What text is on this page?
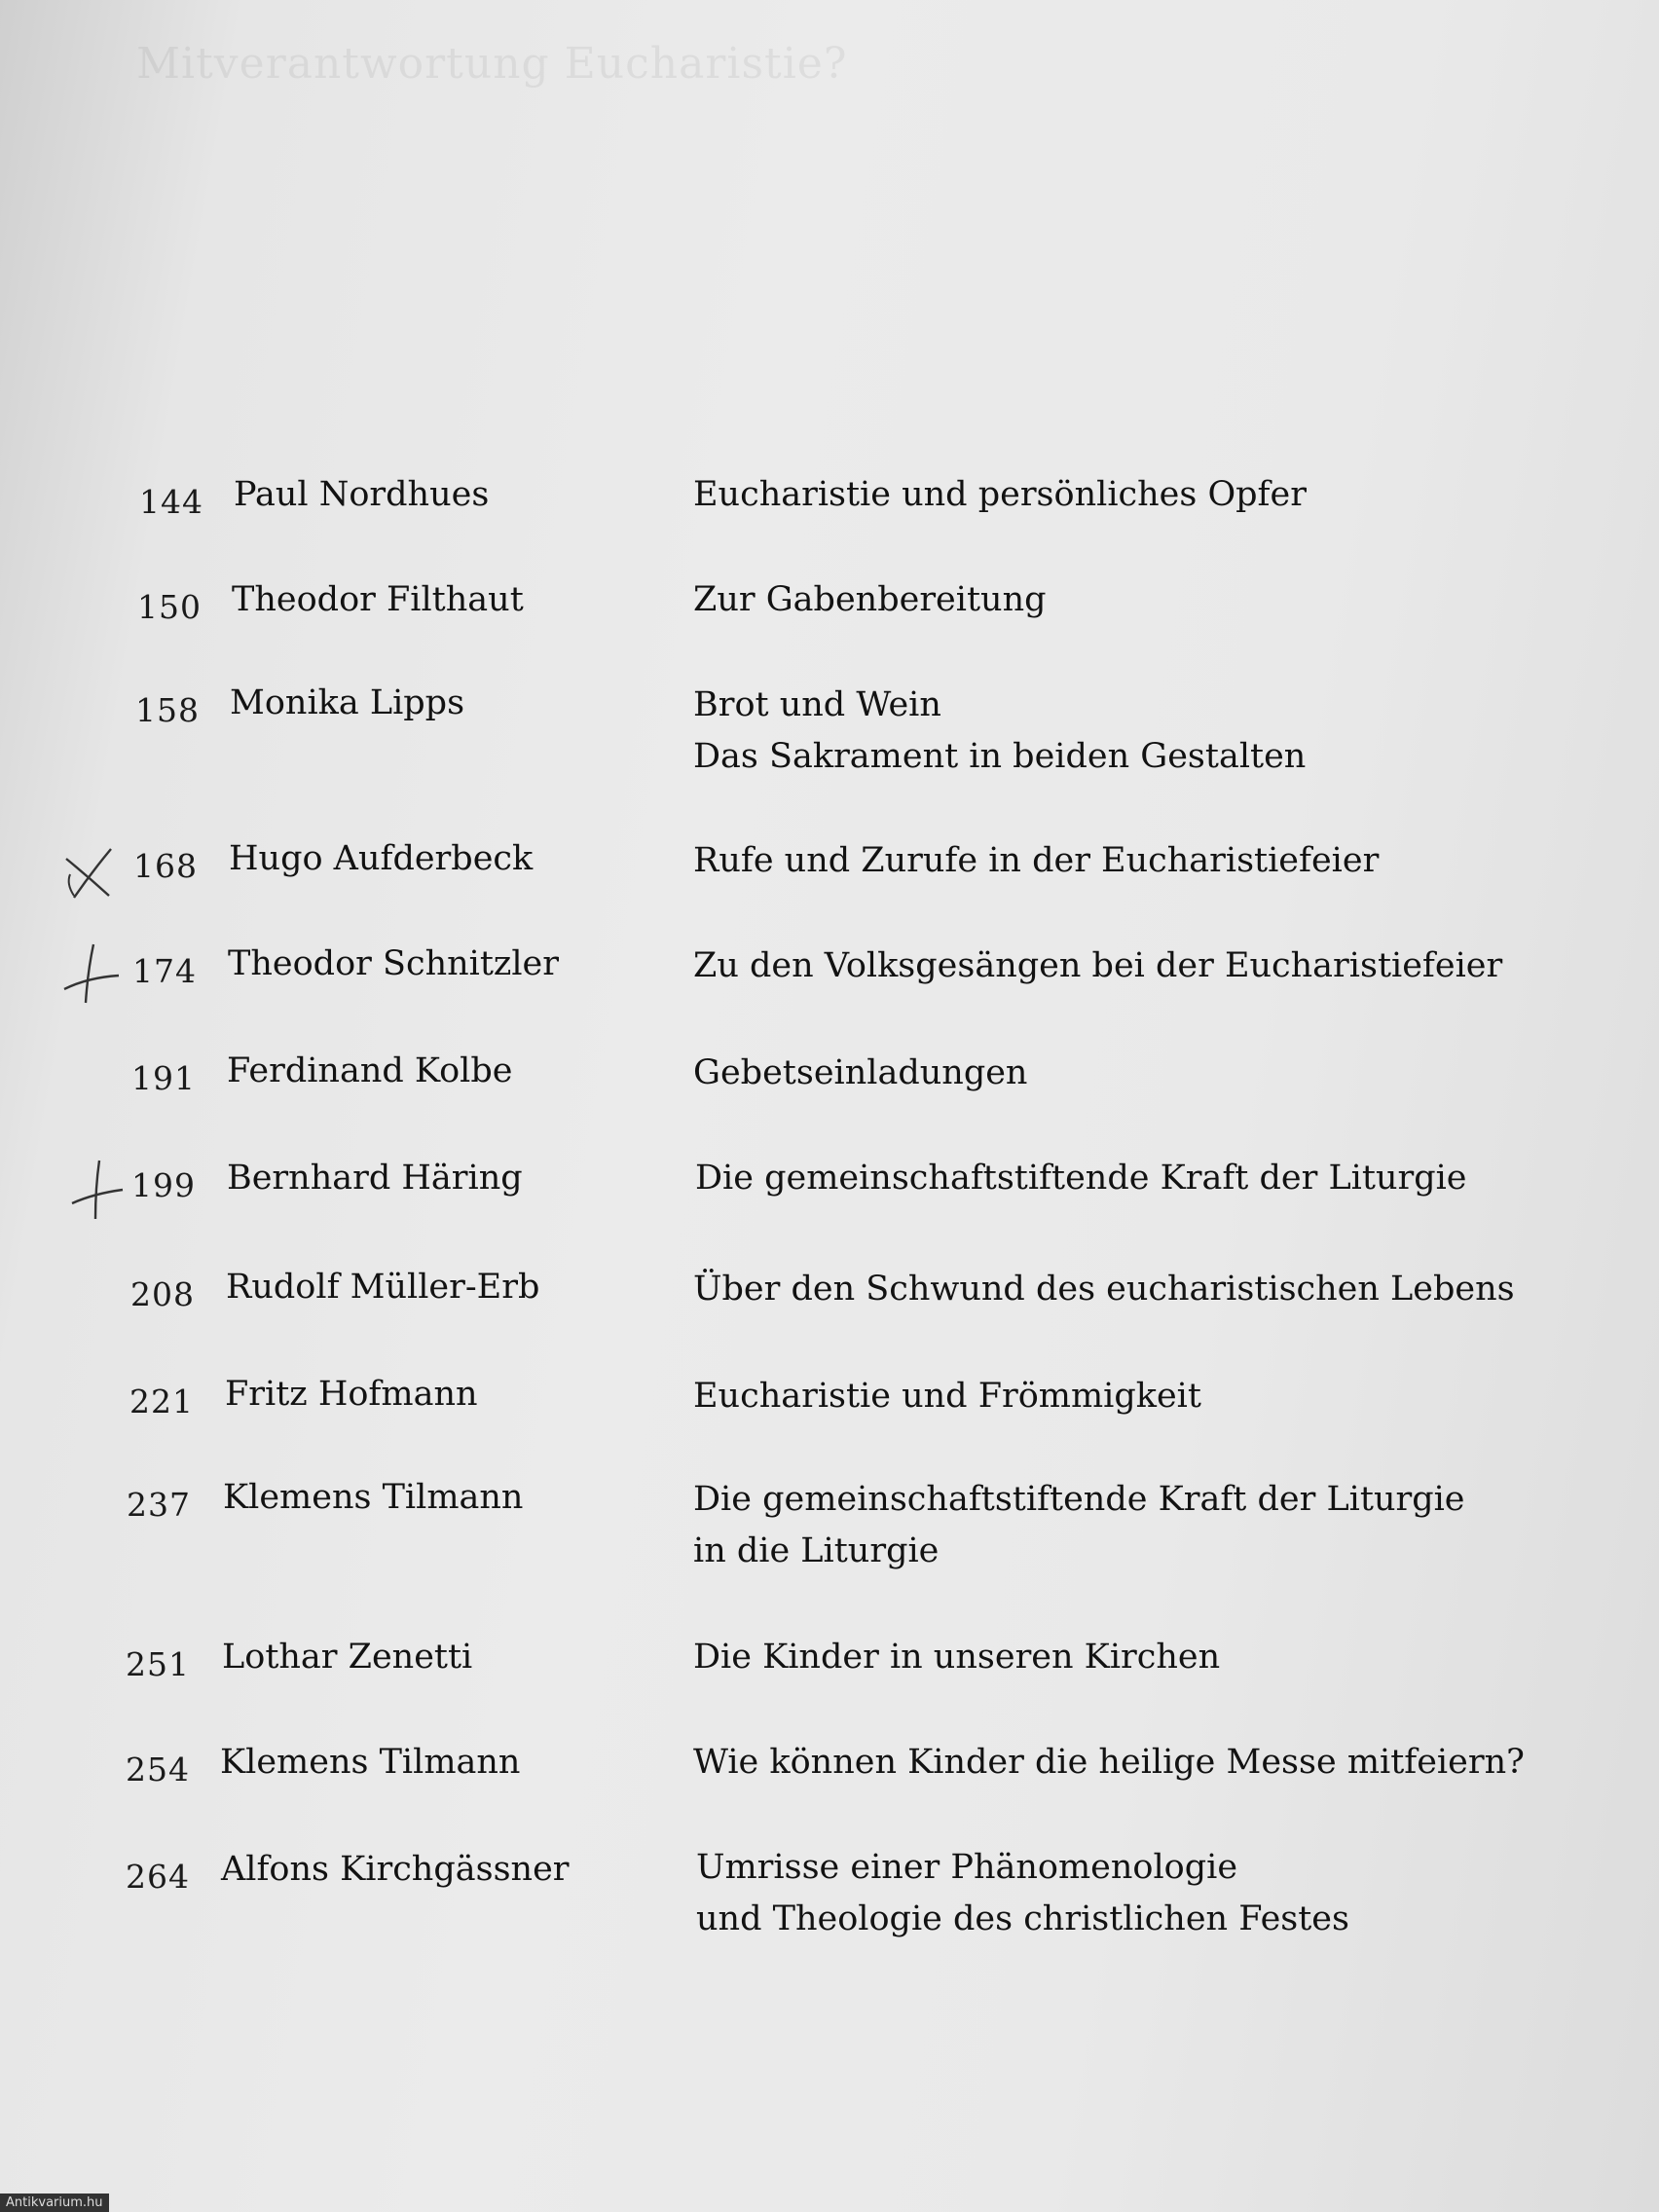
Mitverantwortung Eucharistie?
144 Paul Nordhues	Eucharistie und persönliches Opfer
150 Theodor Filthaut	Zur Gabenbereitung
158 Monika Lipps	Brot und Wein
Das Sakrament in beiden Gestalten
168 Hugo Aufderbeck	Rufe und Zurufe in der Eucharistiefeier
174 Theodor Schnitzler	Zu den Volksgesängen bei der Eucharistiefeier
191 Ferdinand Kolbe	Gebetseinladungen
199 Bernhard Häring	Die gemeinschaftstiftende Kraft der Liturgie
208 Rudolf Müller-Erb	Über den Schwund des eucharistischen Lebens
221 Fritz Hofmann	Eucharistie und Frömmigkeit
237 Klemens Tilmann	Die gemeinschaftstiftende Kraft der Liturgie
in die Liturgie
251 Lothar Zenetti	Die Kinder in unseren Kirchen
254 Klemens Tilmann	Wie können Kinder die heilige Messe mitfeiern?
264 Alfons Kirchgässner	Umrisse einer Phänomenologie
und Theologie des christlichen Festes
Antikvarium.hu
